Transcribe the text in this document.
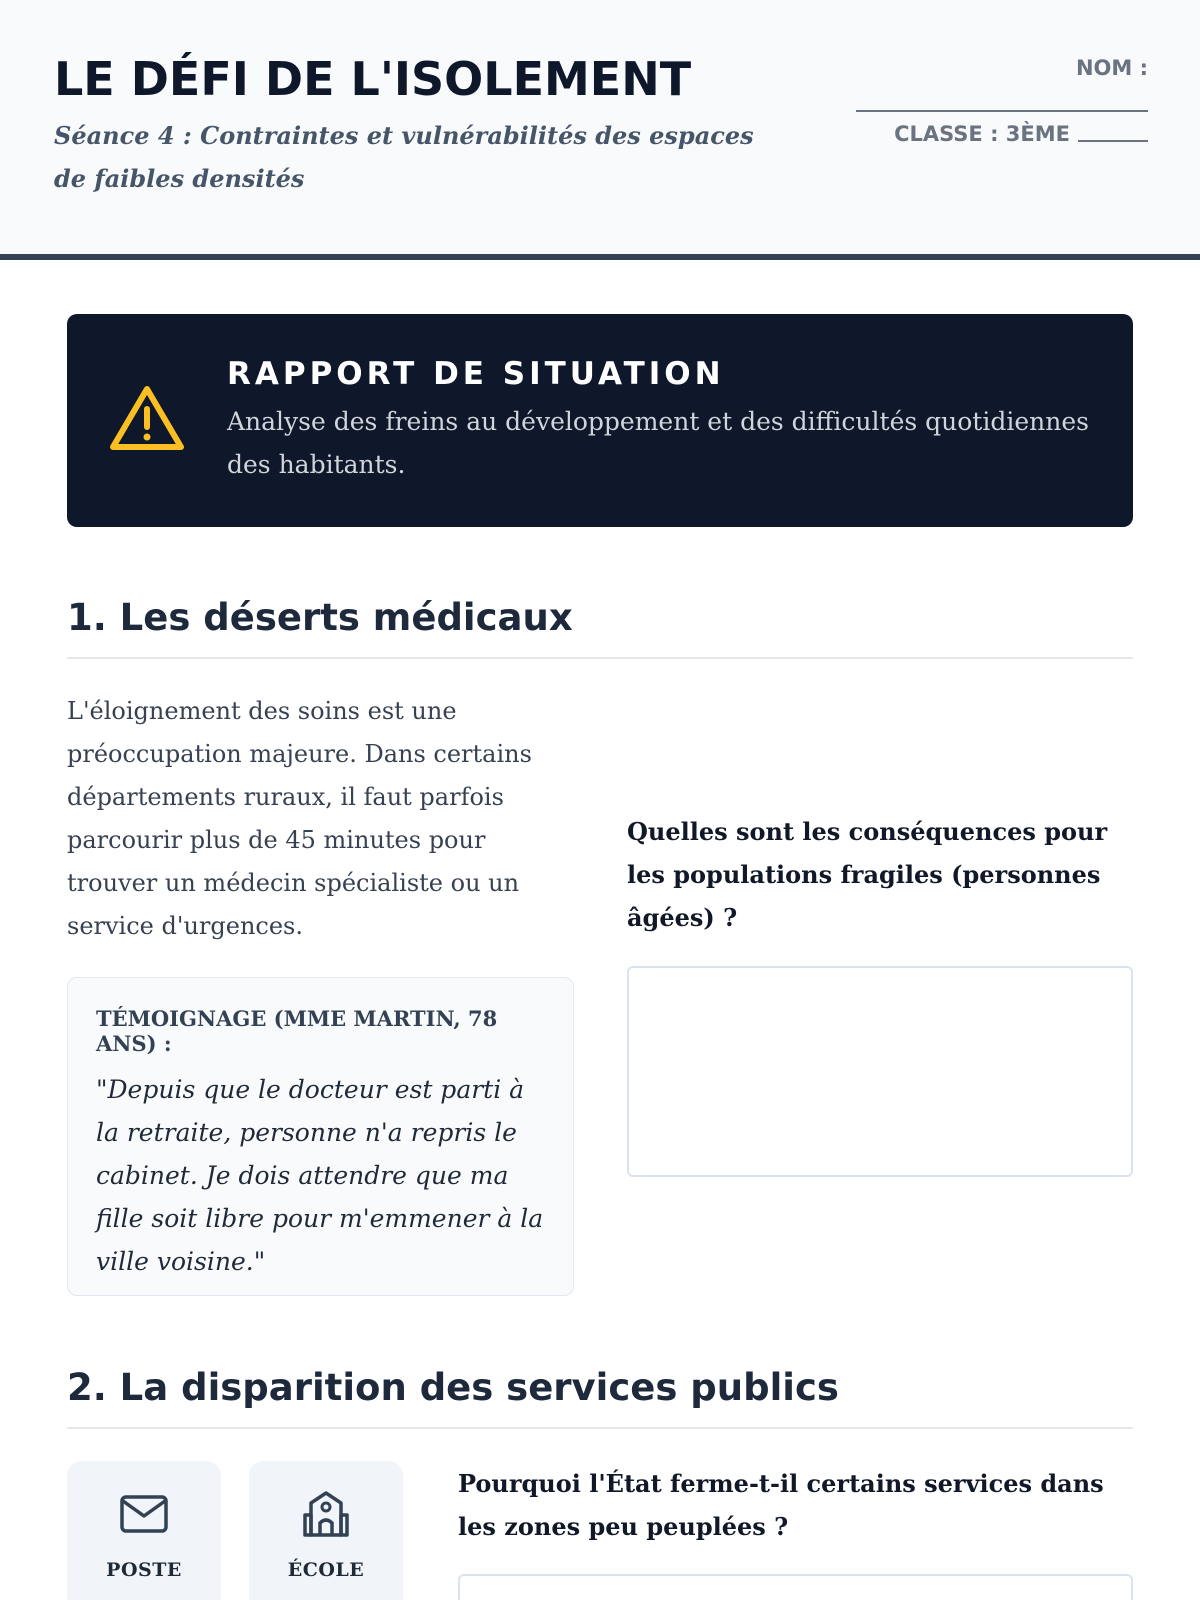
LE DÉFI DE L'ISOLEMENT
Séance 4 : Contraintes et vulnérabilités des espaces de faibles densités
NOM :
CLASSE : 3ÈME
RAPPORT DE SITUATION
Analyse des freins au développement et des difficultés quotidiennes des habitants.
1. Les déserts médicaux
L'éloignement des soins est une préoccupation majeure. Dans certains départements ruraux, il faut parfois parcourir plus de 45 minutes pour trouver un médecin spécialiste ou un service d'urgences.
TÉMOIGNAGE (MME MARTIN, 78 ANS) :
"Depuis que le docteur est parti à la retraite, personne n'a repris le cabinet. Je dois attendre que ma fille soit libre pour m'emmener à la ville voisine."
Quelles sont les conséquences pour les populations fragiles (personnes âgées) ?
2. La disparition des services publics
POSTE	ÉCOLE
Pourquoi l'État ferme-t-il certains services dans les zones peu peuplées ?
